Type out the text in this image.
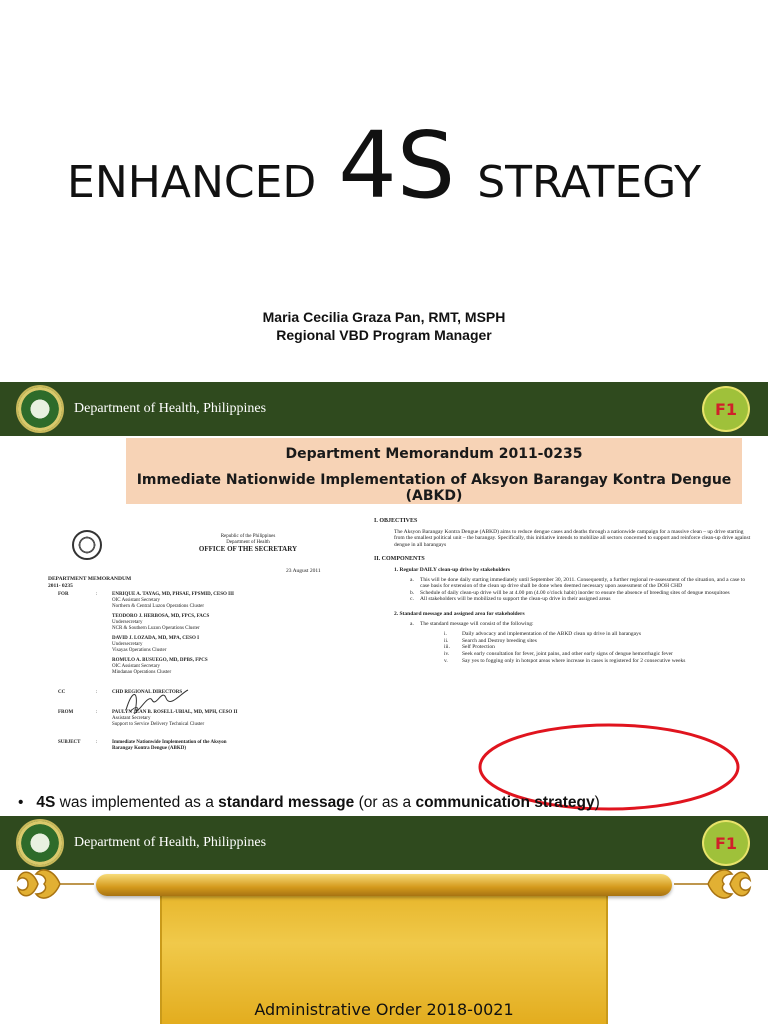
ENHANCED 4S STRATEGY
Maria Cecilia Graza Pan, RMT, MSPH
Regional VBD Program Manager
Department of Health, Philippines	F1
Department Memorandum 2011-0235
Immediate Nationwide Implementation of Aksyon Barangay Kontra Dengue (ABKD)
Republic of the Philippines
Department of Health
OFFICE OF THE SECRETARY
23 August 2011
DEPARTMENT MEMORANDUM
2011- 0235
FOR	:	ENRIQUE A. TAYAG, MD, PHSAE, FPSMID, CESO III
OIC Assistant Secretary
Northern & Central Luzon Operations Cluster
TEODORO J. HERBOSA, MD, FPCS, FACS
Undersecretary
NCR & Southern Luzon Operations Cluster
DAVID J. LOZADA, MD, MPA, CESO I
Undersecretary
Visayas Operations Cluster
ROMULO A. BUSUEGO, MD, DPBS, FPCS
OIC Assistant Secretary
Mindanao Operations Cluster
CC	:	CHD REGIONAL DIRECTORS
FROM	:	PAULYN JEAN B. ROSELL-UBIAL, MD, MPH, CESO II
Assistant Secretary
Support to Service Delivery Technical Cluster
SUBJECT	:	Immediate Nationwide Implementation of the Aksyon
Barangay Kontra Dengue (ABKD)
I. OBJECTIVES
The Aksyon Barangay Kontra Dengue (ABKD) aims to reduce dengue cases and deaths through a nationwide campaign for a massive clean – up drive starting from the smallest political unit – the barangay. Specifically, this initiative intends to mobilize all sectors concerned to support and reinforce clean-up drive against dengue in all barangays
II. COMPONENTS
1. Regular DAILY clean-up drive by stakeholders
a.	This will be done daily starting immediately until September 30, 2011. Consequently, a further regional re-assessment of the situation, and a case to case basis for extension of the clean up drive shall be done when deemed necessary upon assessment of the DOH CHD
b.	Schedule of daily clean-up drive will be at 4.00 pm (4.00 o'clock habit) inorder to ensure the absence of breeding sites of dengue mosquitoes
c.	All stakeholders will be mobilized to support the clean-up drive in their assigned areas
2. Standard message and assigned area for stakeholders
a.	The standard message will consist of the following:
i.	Daily advocacy and implementation of the ABKD clean up drive in all barangays
ii.	Search and Destroy breeding sites
iii.	Self Protection
iv.	Seek early consultation for fever, joint pains, and other early signs of dengue hemorrhagic fever
v.	Say yes to fogging only in hotspot areas where increase in cases is registered for 2 consecutive weeks
•   4S was implemented as a standard message (or as a communication strategy)
Department of Health, Philippines	F1
Administrative Order 2018-0021
